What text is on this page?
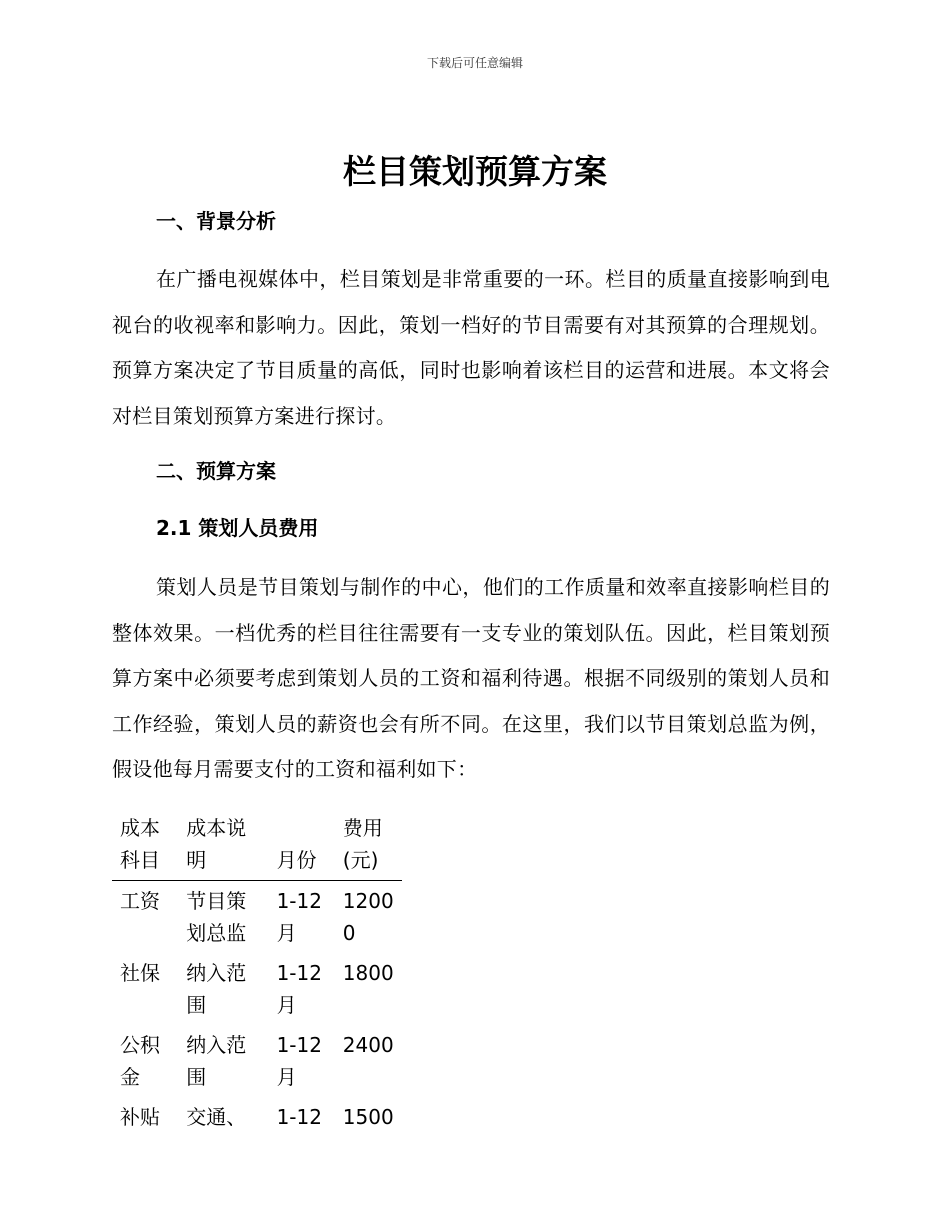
下载后可任意编辑
栏目策划预算方案
一、背景分析

在广播电视媒体中，栏目策划是非常重要的一环。栏目的质量直接影响到电视台的收视率和影响力。因此，策划一档好的节目需要有对其预算的合理规划。预算方案决定了节目质量的高低，同时也影响着该栏目的运营和进展。本文将会对栏目策划预算方案进行探讨。

二、预算方案
2.1 策划人员费用

策划人员是节目策划与制作的中心，他们的工作质量和效率直接影响栏目的整体效果。一档优秀的栏目往往需要有一支专业的策划队伍。因此，栏目策划预算方案中必须要考虑到策划人员的工资和福利待遇。根据不同级别的策划人员和工作经验，策划人员的薪资也会有所不同。在这里，我们以节目策划总监为例，假设他每月需要支付的工资和福利如下：

成本科目	成本说明	月份	费用(元)
工资	节目策划总监	1-12月	12000
社保	纳入范围	1-12月	1800
公积金	纳入范围	1-12月	2400
补贴	交通、	1-12	1500
